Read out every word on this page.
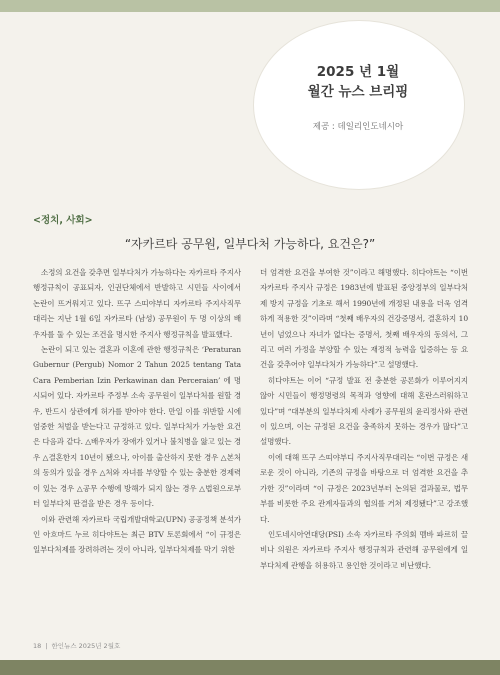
2025 년 1월
월간 뉴스 브리핑
제공 : 데일리인도네시아
<정치, 사회>
“자카르타 공무원, 일부다처 가능하다, 요건은?”

소정의 요건을 갖추면 일부다처가 가능하다는 자카르타 주지사 행정규칙이 공표되자, 인권단체에서 반발하고 시민들 사이에서 논란이 뜨거워지고 있다. 뜨구 스띠야부디 자카르타 주지사직무대리는 지난 1월 6일 자카르타 (남성) 공무원이 두 명 이상의 배우자를 둘 수 있는 조건을 명시한 주지사 행정규칙을 발표했다.

논란이 되고 있는 결혼과 이혼에 관한 행정규칙은 ‘Peraturan Gubernur (Pergub) Nomor 2 Tahun 2025 tentang Tata Cara Pemberian Izin Perkawinan dan Perceraian’ 에 명시되어 있다. 자카르타 주정부 소속 공무원이 일부다처를 원할 경우, 반드시 상관에게 허가를 받아야 한다. 만일 이를 위반할 시에 엄중한 처벌을 받는다고 규정하고 있다. 일부다처가 가능한 요건은 다음과 같다. △배우자가 장애가 있거나 불치병을 앓고 있는 경우 △결혼한지 10년이 됐으나, 아이를 출산하지 못한 경우 △본처의 동의가 있을 경우 △처와 자녀를 부양할 수 있는 충분한 경제력이 있는 경우 △공무 수행에 방해가 되지 않는 경우 △법원으로부터 일부다처 판결을 받은 경우 등이다.

이와 관련해 자카르타 국립개발대학교(UPN) 공공정책 분석가인 아흐마드 누르 히다야트는 최근 BTV 토론회에서 “이 규정은 일부다처제를 장려하려는 것이 아니라, 일부다처제를 막기 위한

더 엄격한 요건을 부여한 것”이라고 해명했다. 히다야트는 “이번 자카르타 주지사 규정은 1983년에 발표된 중앙정부의 일부다처제 방지 규정을 기초로 해서 1990년에 개정된 내용을 더욱 엄격하게 적용한 것”이라며 “첫째 배우자의 건강증명서, 결혼하지 10년이 넘었으나 자녀가 없다는 증명서, 첫째 배우자의 동의서, 그리고 여러 가정을 부양할 수 있는 재정적 능력을 입증하는 등 요건을 갖추어야 일부다처가 가능하다”고 설명했다.

히다야트는 이어 “규정 발표 전 충분한 공론화가 이루어지지 않아 시민들이 행정명령의 목적과 영향에 대해 혼란스러워하고 있다”며 “대부분의 일부다처제 사례가 공무원의 윤리정사와 관련이 있으며, 이는 규정된 요건을 충족하지 못하는 경우가 많다”고 설명했다.

이에 대해 뜨구 스띠야부디 주지사직무대리는 “이번 규정은 새로운 것이 아니라, 기존의 규정을 바탕으로 더 엄격한 요건을 추가한 것”이라며 “이 규정은 2023년부터 논의된 결과물로, 법무부를 비롯한 주요 관계자들과의 협의를 거쳐 제정됐다”고 강조했다.

인도네시아연대당(PSI) 소속 자카르타 주의회 멤바 파르히 끌비나 의원은 자카르타 주지사 행정규칙과 관련해 공무원에게 일부다처제 관행을 허용하고 용인한 것이라고 비난했다.

18 | 한인뉴스 2025년 2월호
